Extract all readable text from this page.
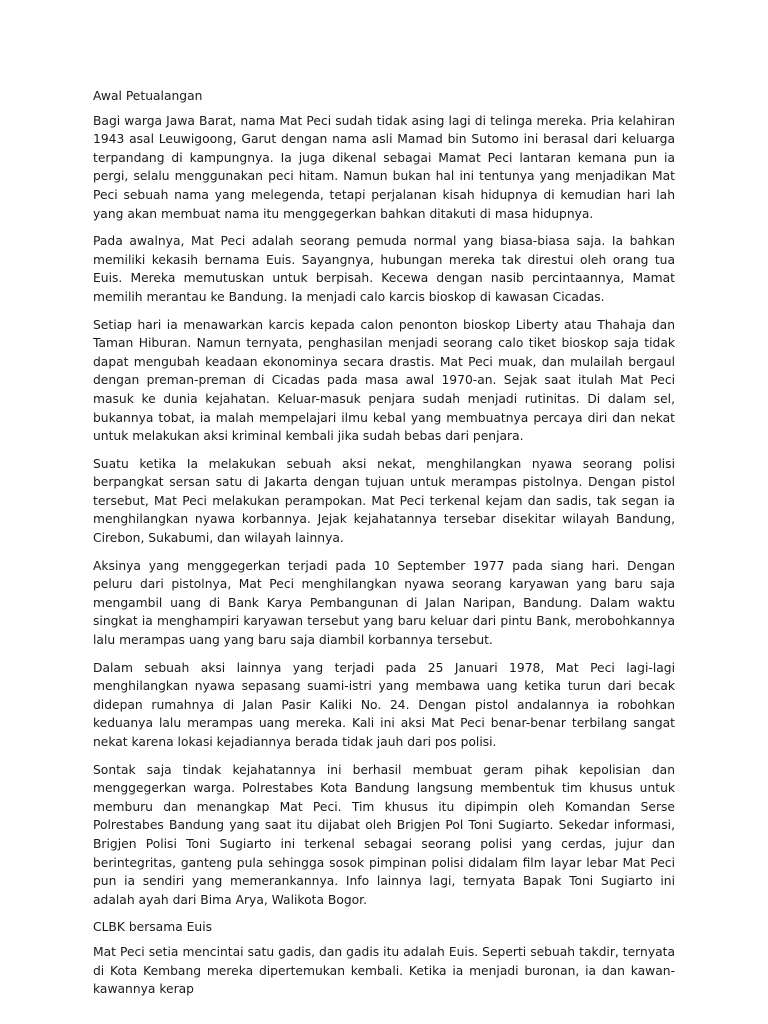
Awal Petualangan

Bagi warga Jawa Barat, nama Mat Peci sudah tidak asing lagi di telinga mereka. Pria kelahiran 1943 asal Leuwigoong, Garut dengan nama asli Mamad bin Sutomo ini berasal dari keluarga terpandang di kampungnya. Ia juga dikenal sebagai Mamat Peci lantaran kemana pun ia pergi, selalu menggunakan peci hitam. Namun bukan hal ini tentunya yang menjadikan Mat Peci sebuah nama yang melegenda, tetapi perjalanan kisah hidupnya di kemudian hari lah yang akan membuat nama itu menggegerkan bahkan ditakuti di masa hidupnya.

Pada awalnya, Mat Peci adalah seorang pemuda normal yang biasa-biasa saja. Ia bahkan memiliki kekasih bernama Euis. Sayangnya, hubungan mereka tak direstui oleh orang tua Euis. Mereka memutuskan untuk berpisah. Kecewa dengan nasib percintaannya, Mamat memilih merantau ke Bandung. Ia menjadi calo karcis bioskop di kawasan Cicadas.

Setiap hari ia menawarkan karcis kepada calon penonton bioskop Liberty atau Thahaja dan Taman Hiburan. Namun ternyata, penghasilan menjadi seorang calo tiket bioskop saja tidak dapat mengubah keadaan ekonominya secara drastis. Mat Peci muak, dan mulailah bergaul dengan preman-preman di Cicadas pada masa awal 1970-an. Sejak saat itulah Mat Peci masuk ke dunia kejahatan. Keluar-masuk penjara sudah menjadi rutinitas. Di dalam sel, bukannya tobat, ia malah mempelajari ilmu kebal yang membuatnya percaya diri dan nekat untuk melakukan aksi kriminal kembali jika sudah bebas dari penjara.

Suatu ketika Ia melakukan sebuah aksi nekat, menghilangkan nyawa seorang polisi berpangkat sersan satu di Jakarta dengan tujuan untuk merampas pistolnya. Dengan pistol tersebut, Mat Peci melakukan perampokan. Mat Peci terkenal kejam dan sadis, tak segan ia menghilangkan nyawa korbannya. Jejak kejahatannya tersebar disekitar wilayah Bandung, Cirebon, Sukabumi, dan wilayah lainnya.

Aksinya yang menggegerkan terjadi pada 10 September 1977 pada siang hari. Dengan peluru dari pistolnya, Mat Peci menghilangkan nyawa seorang karyawan yang baru saja mengambil uang di Bank Karya Pembangunan di Jalan Naripan, Bandung. Dalam waktu singkat ia menghampiri karyawan tersebut yang baru keluar dari pintu Bank, merobohkannya lalu merampas uang yang baru saja diambil korbannya tersebut.

Dalam sebuah aksi lainnya yang terjadi pada 25 Januari 1978, Mat Peci lagi-lagi menghilangkan nyawa sepasang suami-istri yang membawa uang ketika turun dari becak didepan rumahnya di Jalan Pasir Kaliki No. 24. Dengan pistol andalannya ia robohkan keduanya lalu merampas uang mereka. Kali ini aksi Mat Peci benar-benar terbilang sangat nekat karena lokasi kejadiannya berada tidak jauh dari pos polisi.

Sontak saja tindak kejahatannya ini berhasil membuat geram pihak kepolisian dan menggegerkan warga. Polrestabes Kota Bandung langsung membentuk tim khusus untuk memburu dan menangkap Mat Peci. Tim khusus itu dipimpin oleh Komandan Serse Polrestabes Bandung yang saat itu dijabat oleh Brigjen Pol Toni Sugiarto. Sekedar informasi, Brigjen Polisi Toni Sugiarto ini terkenal sebagai seorang polisi yang cerdas, jujur dan berintegritas, ganteng pula sehingga sosok pimpinan polisi didalam film layar lebar Mat Peci pun ia sendiri yang memerankannya. Info lainnya lagi, ternyata Bapak Toni Sugiarto ini adalah ayah dari Bima Arya, Walikota Bogor.

CLBK bersama Euis

Mat Peci setia mencintai satu gadis, dan gadis itu adalah Euis. Seperti sebuah takdir, ternyata di Kota Kembang mereka dipertemukan kembali. Ketika ia menjadi buronan, ia dan kawan-kawannya kerap
